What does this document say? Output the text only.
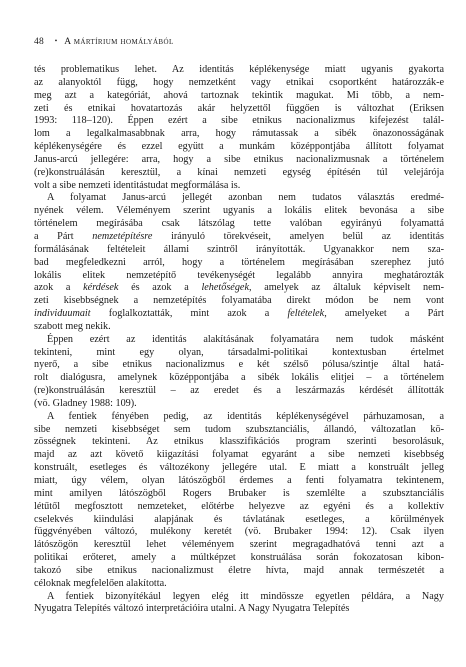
48 • A mártírium homályából
tés problematikus lehet. Az identitás képlékenysége miatt ugyanis gyakorta
az alanyoktól függ, hogy nemzetként vagy etnikai csoportként határozzák-e
meg azt a kategóriát, ahová tartoznak tekintik magukat. Mi több, a nem-
zeti és etnikai hovatartozás akár helyzettől függően is változhat (Eriksen
1993: 118–120). Éppen ezért a sibe etnikus nacionalizmus kifejezést talál-
lom a legalkalmasabbnak arra, hogy rámutassak a sibék önazonosságának
képlékenységére és ezzel együtt a munkám középpontjába állított folyamat
Janus-arcú jellegére: arra, hogy a sibe etnikus nacionalizmusnak a történelem
(re)konstruálásán keresztül, a kínai nemzeti egység építésén túl velejárója
volt a sibe nemzeti identitástudat megformálása is.
A folyamat Janus-arcú jellegét azonban nem tudatos választás eredmé-
nyének vélem. Véleményem szerint ugyanis a lokális elitek bevonása a sibe
történelem megírásába csak látszólag tette valóban egyirányú folyamattá
a Párt nemzetépítésre irányuló törekvéseit, amelyen belül az identitás
formálásának feltételeit állami szintről irányították. Ugyanakkor nem sza-
bad megfeledkezni arról, hogy a történelem megírásában szerephez jutó
lokális elitek nemzetépítő tevékenységét legalább annyira meghatározták
azok a kérdések és azok a lehetőségek, amelyek az általuk képviselt nem-
zeti kisebbségnek a nemzetépítés folyamatába direkt módon be nem vont
individuumait foglalkoztatták, mint azok a feltételek, amelyeket a Párt
szabott meg nekik.
Éppen ezért az identitás alakításának folyamatára nem tudok másként
tekinteni, mint egy olyan, társadalmi-politikai kontextusban értelmet
nyerő, a sibe etnikus nacionalizmus e két szélső pólusa/szintje által hatá-
rolt dialógusra, amelynek középpontjába a sibék lokális elitjei – a történelem
(re)konstruálásán keresztül – az eredet és a leszármazás kérdését állították
(vö. Gladney 1988: 109).
A fentiek fényében pedig, az identitás képlékenységével párhuzamosan, a
sibe nemzeti kisebbséget sem tudom szubsztanciális, állandó, változatlan kö-
zösségnek tekinteni. Az etnikus klasszifikációs program szerinti besorolásuk,
majd az azt követő kiigazítási folyamat egyaránt a sibe nemzeti kisebbség
konstruált, esetleges és változékony jellegére utal. E miatt a konstruált jelleg
miatt, úgy vélem, olyan látószögből érdemes a fenti folyamatra tekintenem,
mint amilyen látószögből Rogers Brubaker is szemlélte a szubsztanciális
létűtől megfosztott nemzeteket, előtérbe helyezve az egyéni és a kollektív
cselekvés kiindulási alapjának és távlatának esetleges, a körülmények
függvényében változó, mulékony keretét (vö. Brubaker 1994: 12). Csak ilyen
látószögön keresztül lehet véleményem szerint megragadhatóvá tenni azt a
politikai erőteret, amely a múltképzet konstruálása során fokozatosan kibon-
takozó sibe etnikus nacionalizmust életre hívta, majd annak természetét a
céloknak megfelelően alakította.
A fentiek bizonyítékául legyen elég itt mindössze egyetlen példára, a Nagy
Nyugatra Telepítés változó interpretációira utalni. A Nagy Nyugatra Telepítés
